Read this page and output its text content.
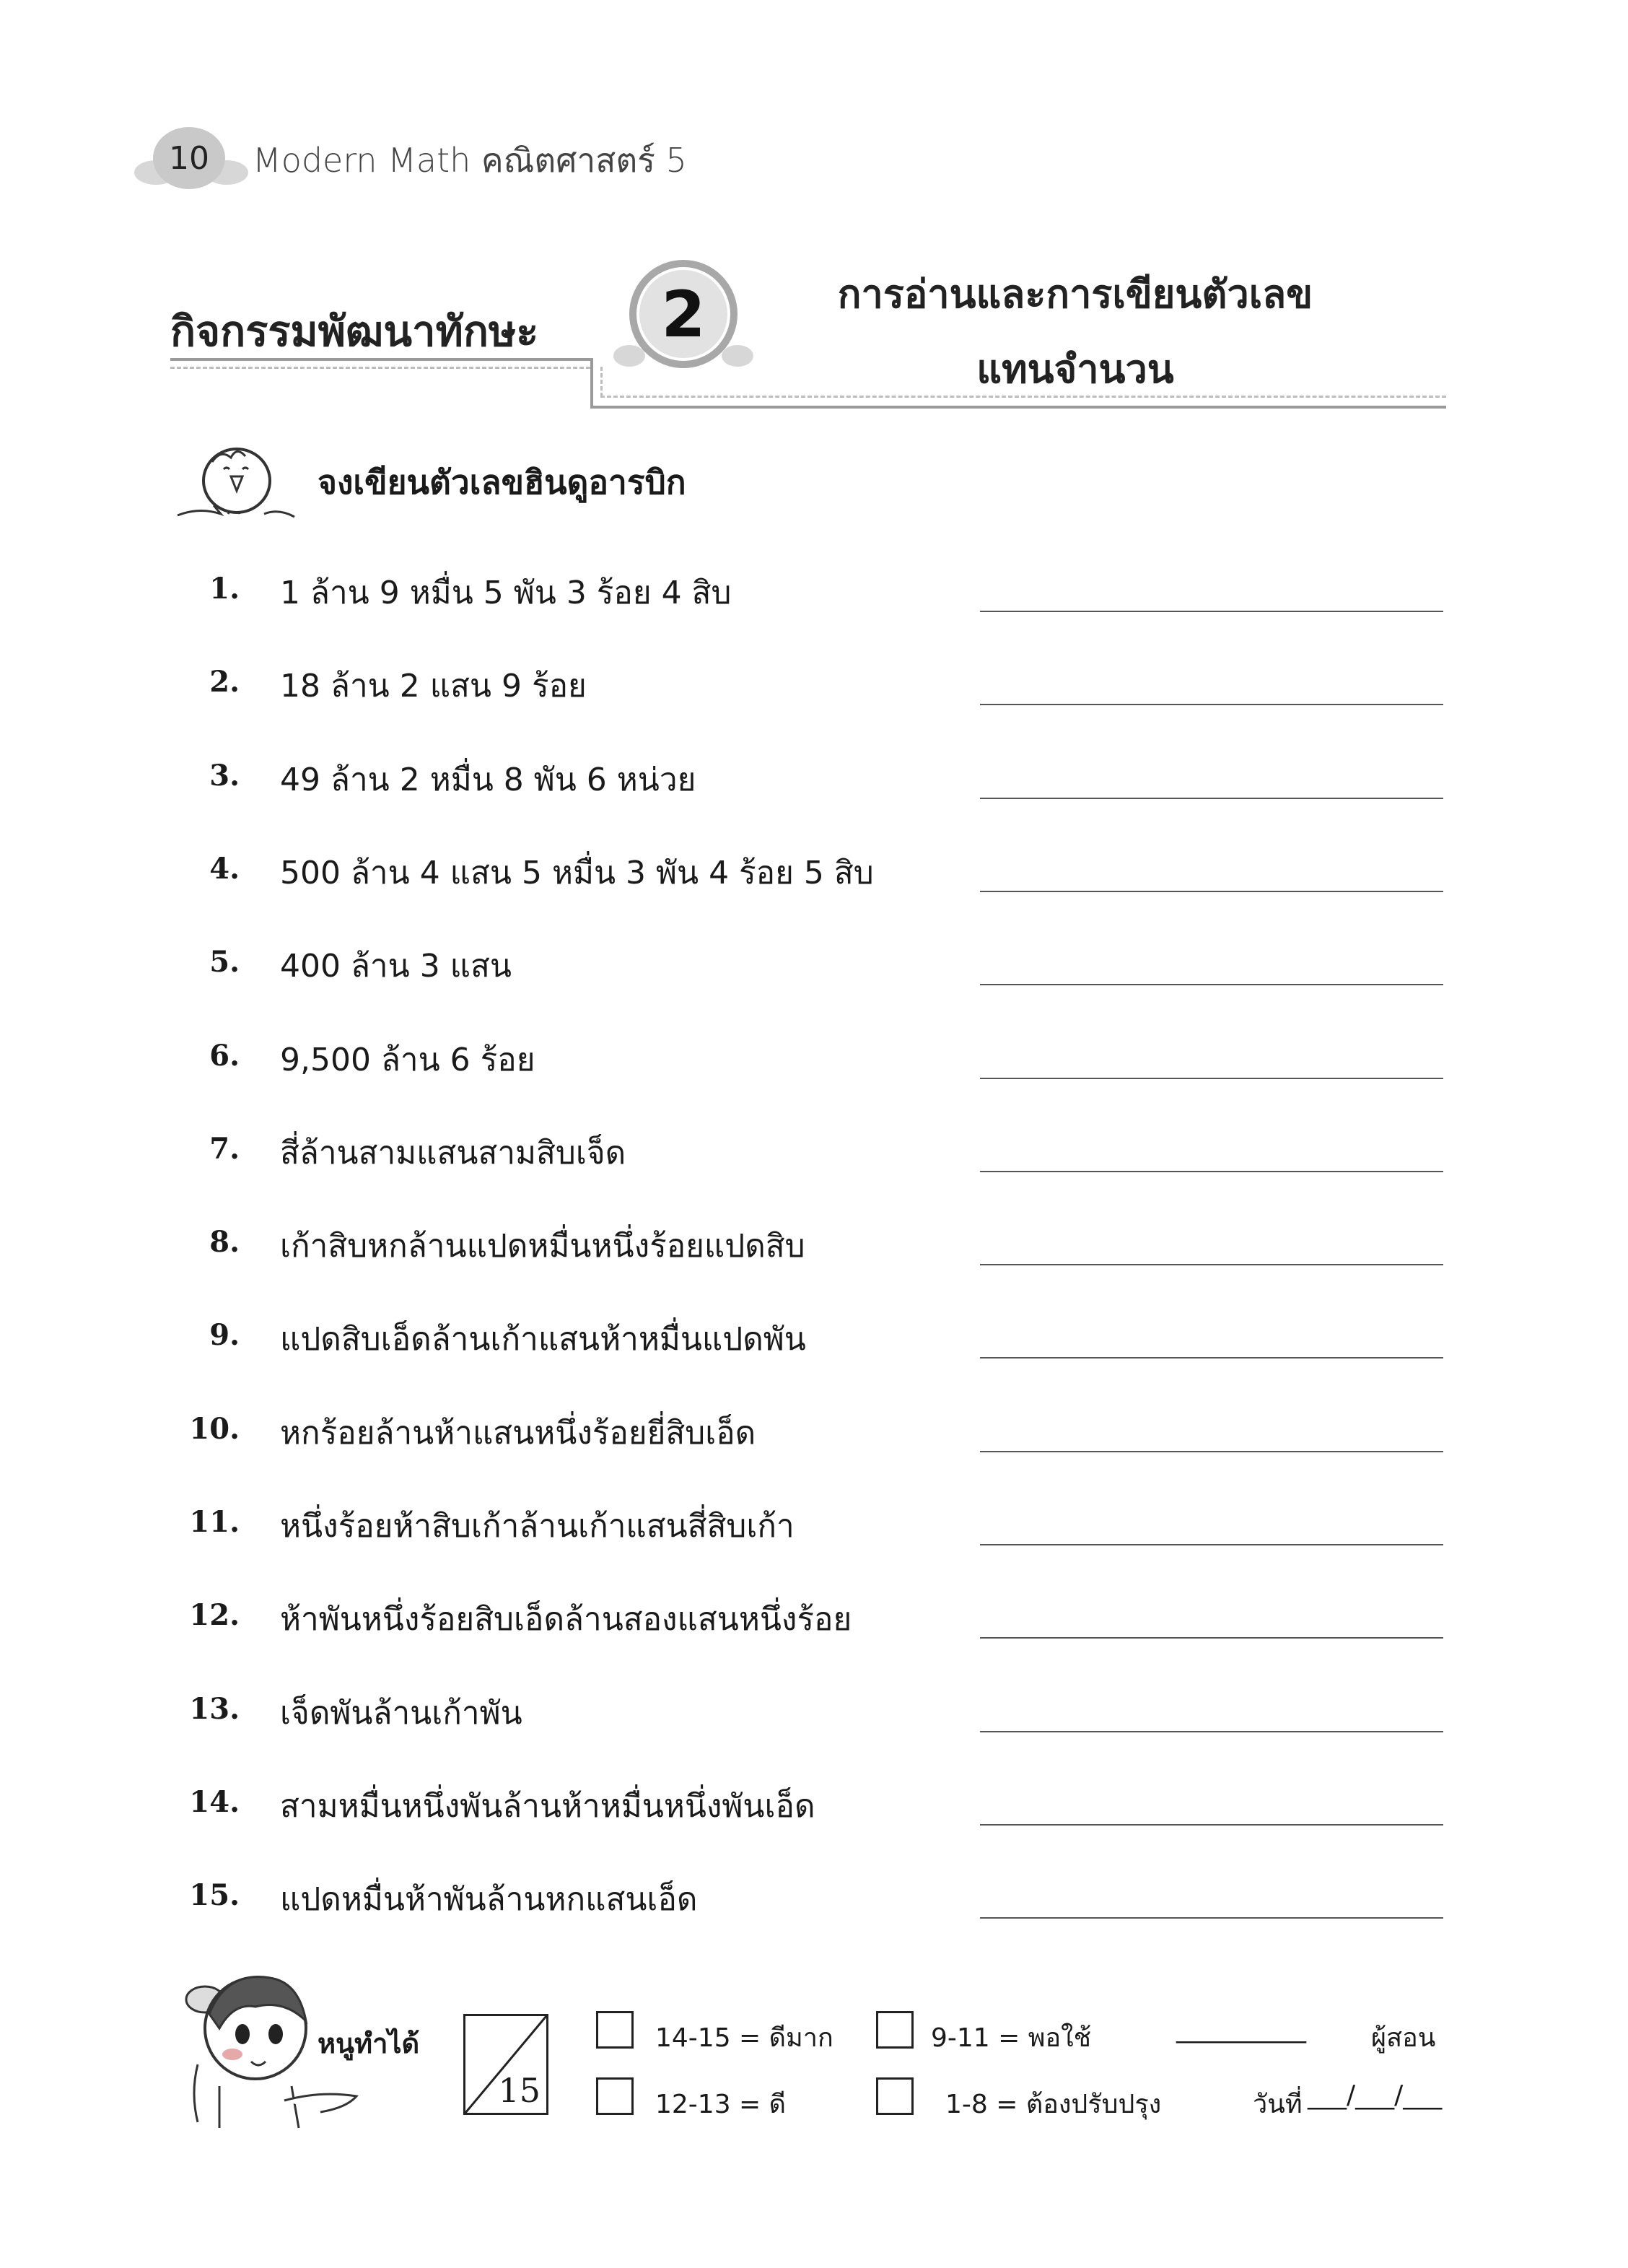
10 Modern Math คณิตศาสตร์ 5
กิจกรรมพัฒนาทักษะ	2	การอ่านและการเขียนตัวเลข
แทนจำนวน
จงเขียนตัวเลขฮินดูอารบิก
1. 1 ล้าน 9 หมื่น 5 พัน 3 ร้อย 4 สิบ
2. 18 ล้าน 2 แสน 9 ร้อย
3. 49 ล้าน 2 หมื่น 8 พัน 6 หน่วย
4. 500 ล้าน 4 แสน 5 หมื่น 3 พัน 4 ร้อย 5 สิบ
5. 400 ล้าน 3 แสน
6. 9,500 ล้าน 6 ร้อย
7. สี่ล้านสามแสนสามสิบเจ็ด
8. เก้าสิบหกล้านแปดหมื่นหนึ่งร้อยแปดสิบ
9. แปดสิบเอ็ดล้านเก้าแสนห้าหมื่นแปดพัน
10. หกร้อยล้านห้าแสนหนึ่งร้อยยี่สิบเอ็ด
11. หนึ่งร้อยห้าสิบเก้าล้านเก้าแสนสี่สิบเก้า
12. ห้าพันหนึ่งร้อยสิบเอ็ดล้านสองแสนหนึ่งร้อย
13. เจ็ดพันล้านเก้าพัน
14. สามหมื่นหนึ่งพันล้านห้าหมื่นหนึ่งพันเอ็ด
15. แปดหมื่นห้าพันล้านหกแสนเอ็ด
หนูทำได้
15
14-15 = ดีมาก	9-11 = พอใช้	__________	ผู้สอน
12-13 = ดี	1-8 = ต้องปรับปรุง	วันที่ ___/___/___
